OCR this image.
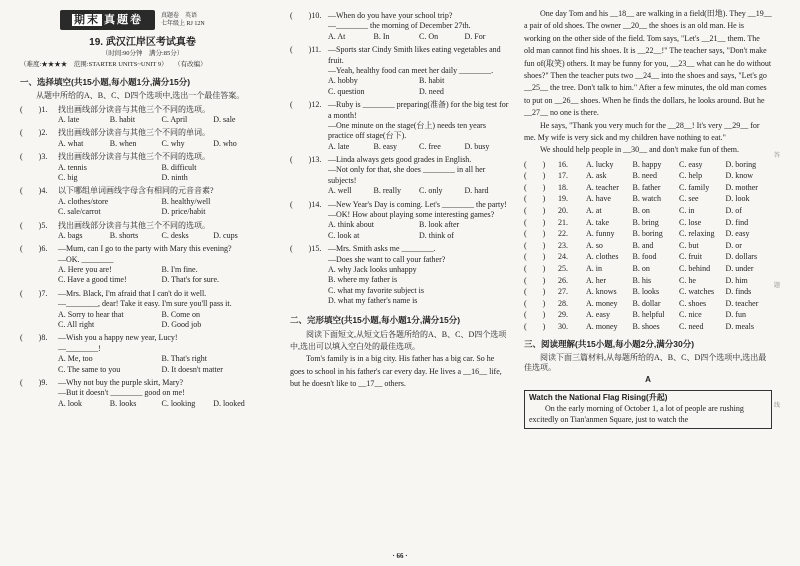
期末 真题卷	真题卷　英语
七年级上 RJ 12N
19. 武汉江岸区考试真卷
（时间:90分钟　满分:85分）
（难度:★★★★　范围:STARTER UNITS~UNIT 9）　　（有改编）
一、选择填空(共15小题,每小题1分,满分15分)
从题中所给的A、B、C、D四个选项中,选出一个最佳答案。
(　　)1.	找出画线部分读音与其他三个不同的选项。
A. late	B. habit	C. April	D. sale
(　　)2.	找出画线部分读音与其他三个不同的单词。
A. what	B. when	C. why	D. who
(　　)3.	找出画线部分读音与其他三个不同的选项。
A. tennis	B. difficult
C. big	D. ninth
(　　)4.	以下哪组单词画线字母含有相同的元音音素?
A. clothes/store	B. healthy/well
C. sale/carrot	D. price/habit
(　　)5.	找出画线部分读音与其他三个不同的选项。
A. bags	B. shorts	C. desks	D. cups
(　　)6.	—Mum, can I go to the party with Mary this evening?
—OK. ________
A. Here you are!	B. I'm fine.
C. Have a good time!	D. That's for sure.
(　　)7.	—Mrs. Black, I'm afraid that I can't do it well.
—________, dear! Take it easy. I'm sure you'll pass it.
A. Sorry to hear that	B. Come on
C. All right	D. Good job
(　　)8.	—Wish you a happy new year, Lucy!
—________!
A. Me, too	B. That's right
C. The same to you	D. It doesn't matter
(　　)9.	—Why not buy the purple skirt, Mary?
—But it doesn't ________ good on me!
A. look	B. looks	C. looking	D. looked
(　　)10. —When do you have your school trip?
—________ the morning of December 27th.
A. At	B. In	C. On	D. For
(　　)11. —Sports star Cindy Smith likes eating vegetables and fruit.
—Yeah, healthy food can meet her daily ________.
A. hobby	B. habit
C. question	D. need
(　　)12. —Ruby is ________ preparing(准备) for the big test for a month!
—One minute on the stage(台上) needs ten years practice off stage(台下).
A. late	B. easy	C. free	D. busy
(　　)13. —Linda always gets good grades in English.
—Not only for that, she does ________ in all her subjects!
A. well	B. really	C. only	D. hard
(　　)14. —New Year's Day is coming. Let's ________ the party!
—OK! How about playing some interesting games?
A. think about	B. look after
C. look at	D. think of
(　　)15. —Mrs. Smith asks me ________.
—Does she want to call your father?
A. why Jack looks unhappy
B. where my father is
C. what my favorite subject is
D. what my father's name is
二、完形填空(共15小题,每小题1分,满分15分)
阅读下面短文,从短文后各题所给的A、B、C、D四个选项中,选出可以填入空白处的最佳选项。
Tom's family is in a big city. His father has a big car. So he goes to school in his father's car every day. He lives a __16__ life, but he doesn't like to __17__ others.
One day Tom and his __18__ are walking in a field(田地). They __19__ a pair of old shoes. The owner __20__ the shoes is an old man. He is working on the other side of the field. Tom says, "Let's __21__ them. The old man cannot find his shoes. It is __22__!" The teacher says, "Don't make fun of(取笑) others. It may be funny for you, __23__ what can he do without shoes?" Then the teacher puts two __24__ into the shoes and says, "Let's go __25__ the tree. Don't talk to him." After a few minutes, the old man comes to put on __26__ shoes. When he finds the dollars, he looks around. But he __27__ no one is there.
He says, "Thank you very much for the __28__! It's very __29__ for me. My wife is very sick and my children have nothing to eat."
We should help people in __30__ and don't make fun of them.
(　　)	16.	A. lucky	B. happy	C. easy	D. boring
(　　)	17.	A. ask	B. need	C. help	D. know
(　　)	18.	A. teacher	B. father	C. family	D. mother
(　　)	19.	A. have	B. watch	C. see	D. look
(　　)	20.	A. at	B. on	C. in	D. of
(　　)	21.	A. take	B. bring	C. lose	D. find
(　　)	22.	A. funny	B. boring	C. relaxing	D. easy
(　　)	23.	A. so	B. and	C. but	D. or
(　　)	24.	A. clothes	B. food	C. fruit	D. dollars
(　　)	25.	A. in	B. on	C. behind	D. under
(　　)	26.	A. her	B. his	C. he	D. him
(　　)	27.	A. knows	B. looks	C. watches	D. finds
(　　)	28.	A. money	B. dollar	C. shoes	D. teacher
(　　)	29.	A. easy	B. helpful	C. nice	D. fun
(　　)	30.	A. money	B. shoes	C. need	D. meals
三、阅读理解(共15小题,每小题2分,满分30分)
阅读下面三篇材料,从每题所给的A、B、C、D四个选项中,选出最佳选项。
A
Watch the National Flag Rising(升起)
On the early morning of October 1, a lot of people are rushing excitedly on Tian'anmen Square, just to watch the
答
题
线
· 66 ·
